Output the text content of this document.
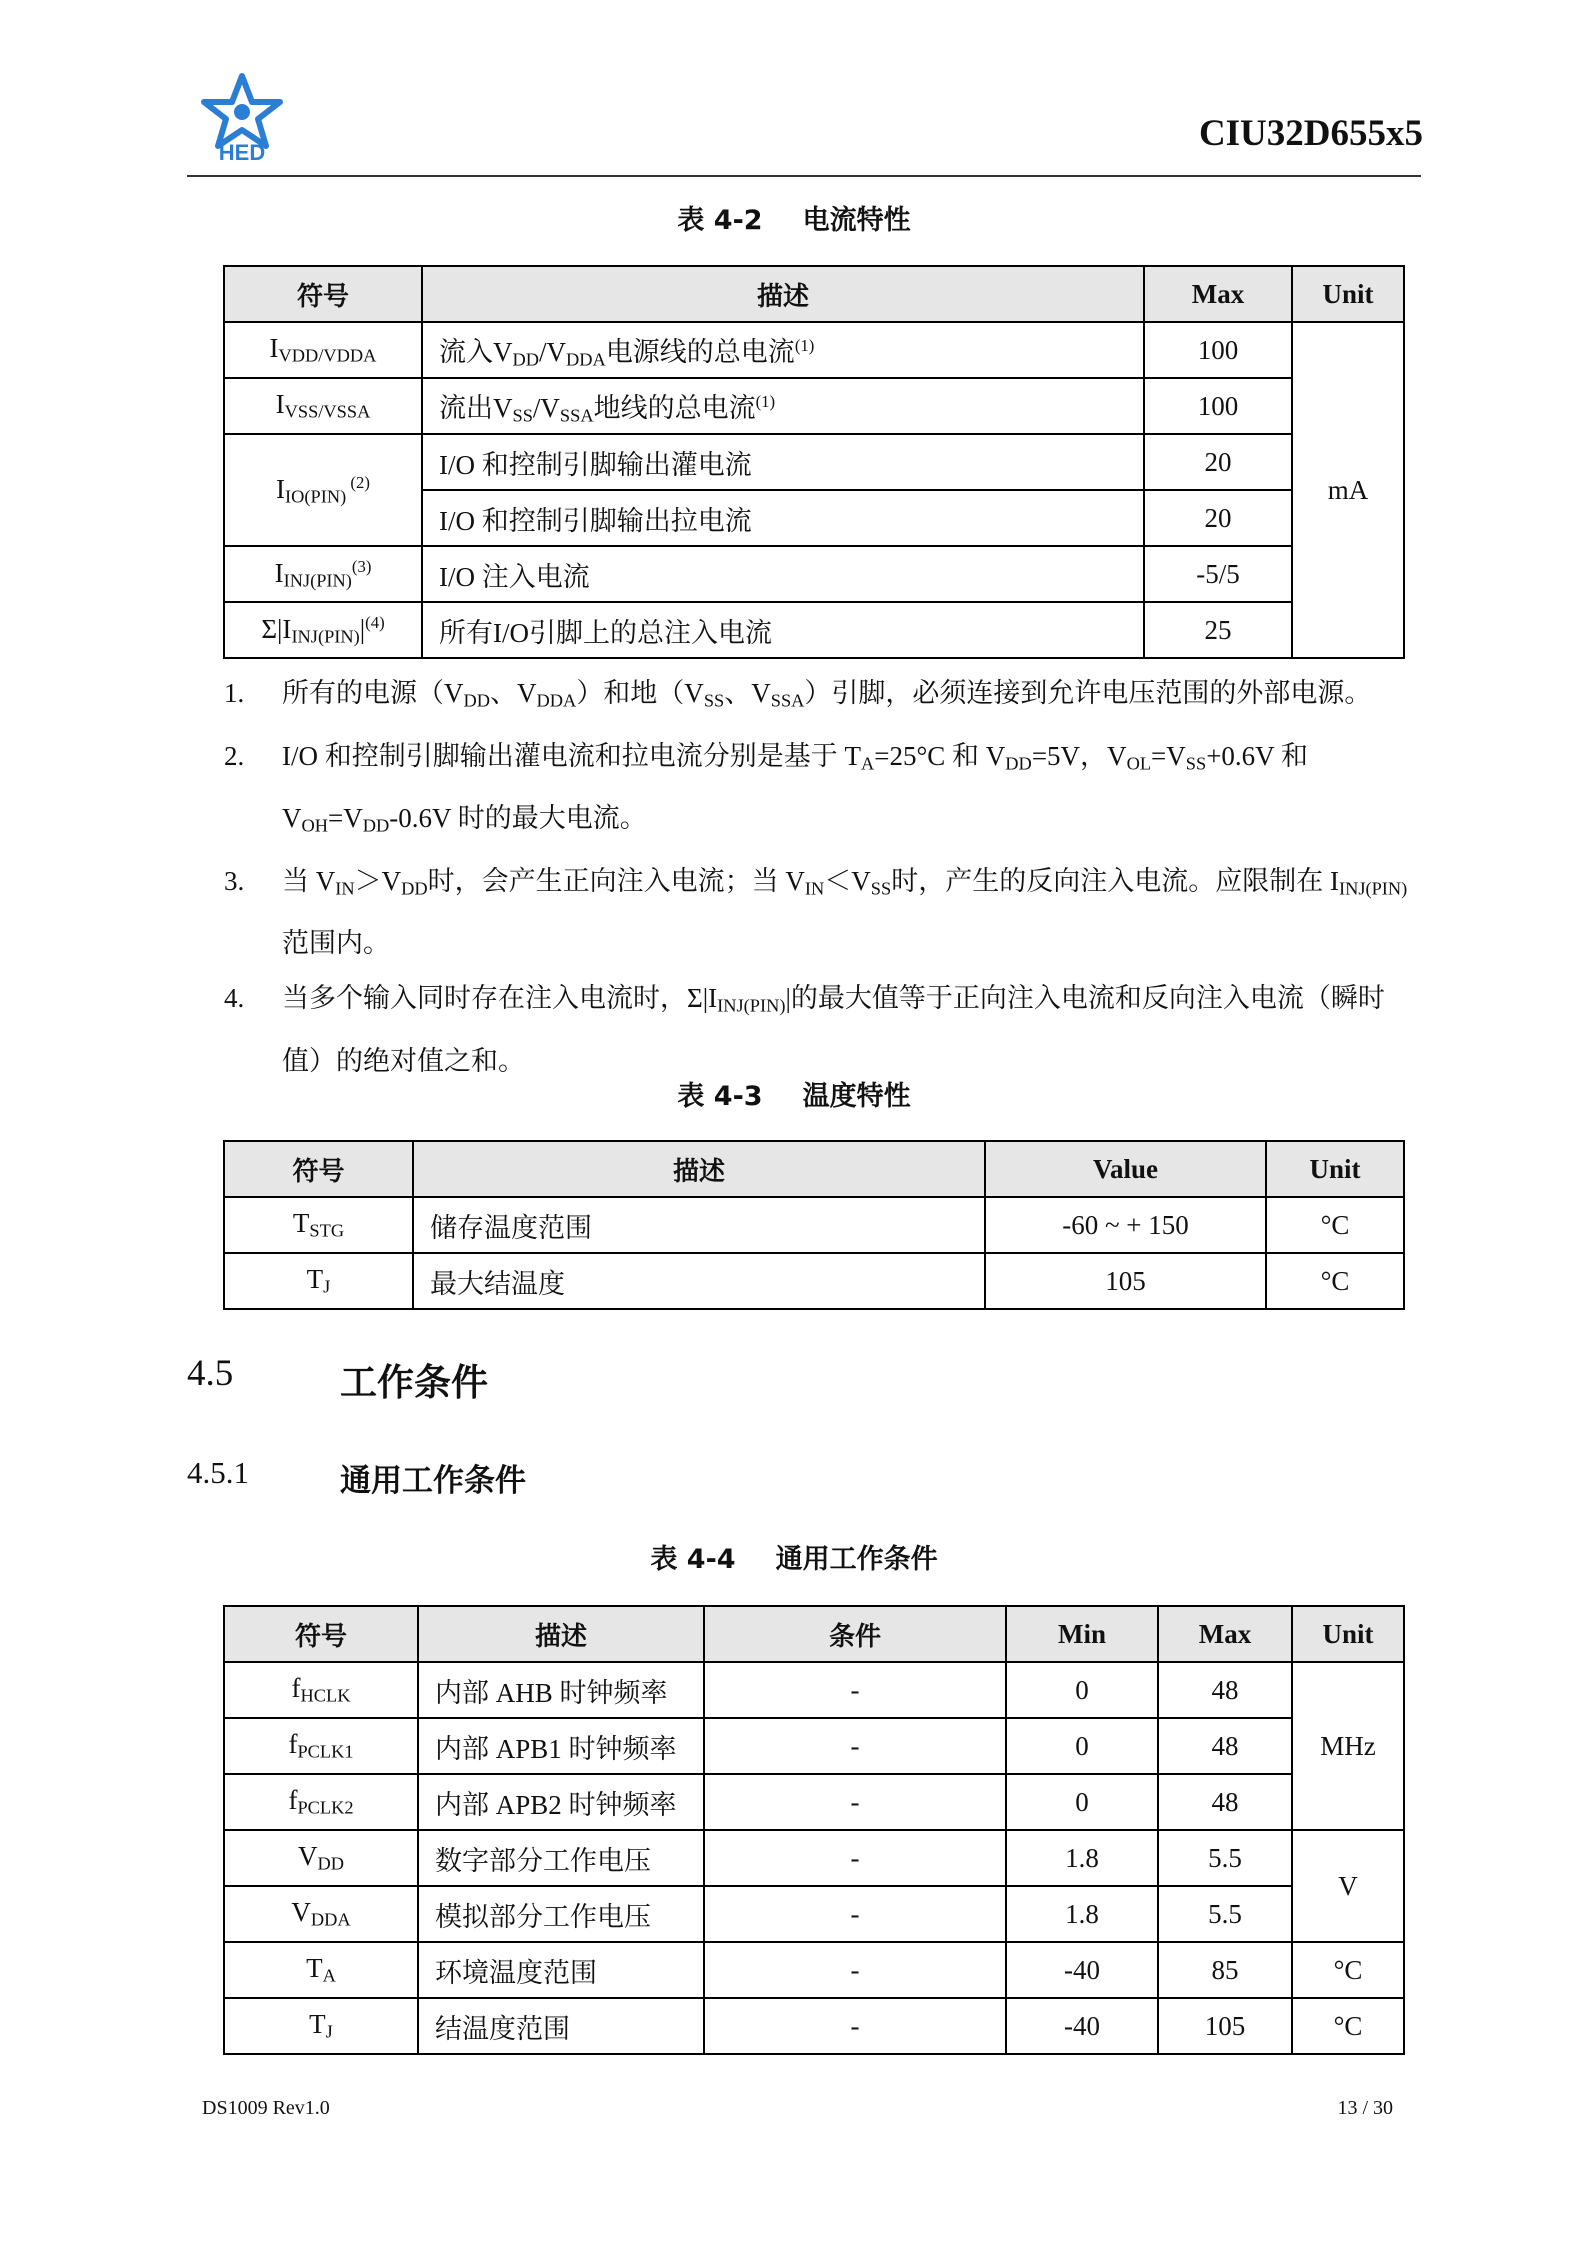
HED	CIU32D655x5
表 4-2 电流特性
符号	描述	Max	Unit
$I_{VDD/VDDA}$	流入$V_{DD}/V_{DDA}$电源线的总电流$^{(1)}$	100	mA
$I_{VSS/VSSA}$	流出$V_{SS}/V_{SSA}$地线的总电流$^{(1)}$	100	
$I_{IO(PIN)}$ $^{(2)}$	I/O 和控制引脚输出灌电流	20	
	I/O 和控制引脚输出拉电流	20	
$I_{INJ(PIN)}^{(3)}$	I/O 注入电流	-5/5	
$\Sigma|I_{INJ(PIN)}|^{(4)}$	所有I/O引脚上的总注入电流	25	
1. 所有的电源（$V_{DD}$、$V_{DDA}$）和地（$V_{SS}$、$V_{SSA}$）引脚，必须连接到允许电压范围的外部电源。
2. I/O 和控制引脚输出灌电流和拉电流分别是基于 $T_A=25^\circ C$ 和 $V_{DD}=5V$，$V_{OL}=V_{SS}+0.6V$ 和
$V_{OH}=V_{DD}-0.6V$ 时的最大电流。
3. 当 $V_{IN}>V_{DD}$时，会产生正向注入电流；当 $V_{IN}<V_{SS}$时，产生的反向注入电流。应限制在 $I_{INJ(PIN)}$
范围内。
4. 当多个输入同时存在注入电流时，$\Sigma|I_{INJ(PIN)}|$的最大值等于正向注入电流和反向注入电流（瞬时
值）的绝对值之和。
表 4-3 温度特性
符号	描述	Value	Unit
$T_{STG}$	储存温度范围	-60 ~ + 150	°C
$T_J$	最大结温度	105	°C
4.5	工作条件
4.5.1	通用工作条件
表 4-4 通用工作条件
符号	描述	条件	Min	Max	Unit
$f_{HCLK}$	内部 AHB 时钟频率	-	0	48	MHz
$f_{PCLK1}$	内部 APB1 时钟频率	-	0	48	
$f_{PCLK2}$	内部 APB2 时钟频率	-	0	48	
$V_{DD}$	数字部分工作电压	-	1.8	5.5	V
$V_{DDA}$	模拟部分工作电压	-	1.8	5.5	
$T_A$	环境温度范围	-	-40	85	°C
$T_J$	结温度范围	-	-40	105	°C
DS1009 Rev1.0	13 / 30
